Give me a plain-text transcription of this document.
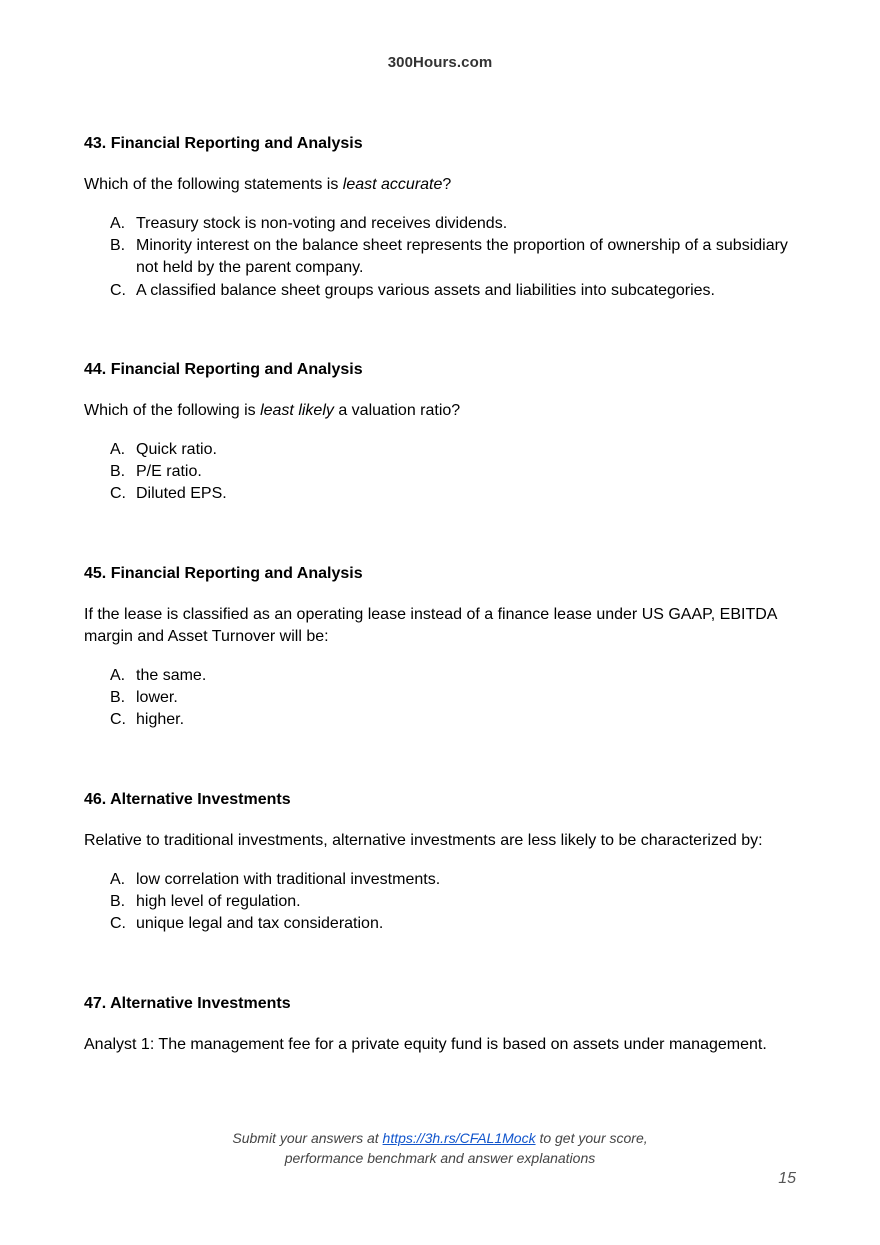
300Hours.com
43. Financial Reporting and Analysis

Which of the following statements is least accurate?

A. Treasury stock is non-voting and receives dividends.
B. Minority interest on the balance sheet represents the proportion of ownership of a subsidiary not held by the parent company.
C. A classified balance sheet groups various assets and liabilities into subcategories.
44. Financial Reporting and Analysis

Which of the following is least likely a valuation ratio?

A. Quick ratio.
B. P/E ratio.
C. Diluted EPS.
45. Financial Reporting and Analysis

If the lease is classified as an operating lease instead of a finance lease under US GAAP, EBITDA margin and Asset Turnover will be:

A. the same.
B. lower.
C. higher.
46. Alternative Investments

Relative to traditional investments, alternative investments are less likely to be characterized by:

A. low correlation with traditional investments.
B. high level of regulation.
C. unique legal and tax consideration.
47. Alternative Investments

Analyst 1: The management fee for a private equity fund is based on assets under management.

Submit your answers at https://3h.rs/CFAL1Mock to get your score,
performance benchmark and answer explanations
15
